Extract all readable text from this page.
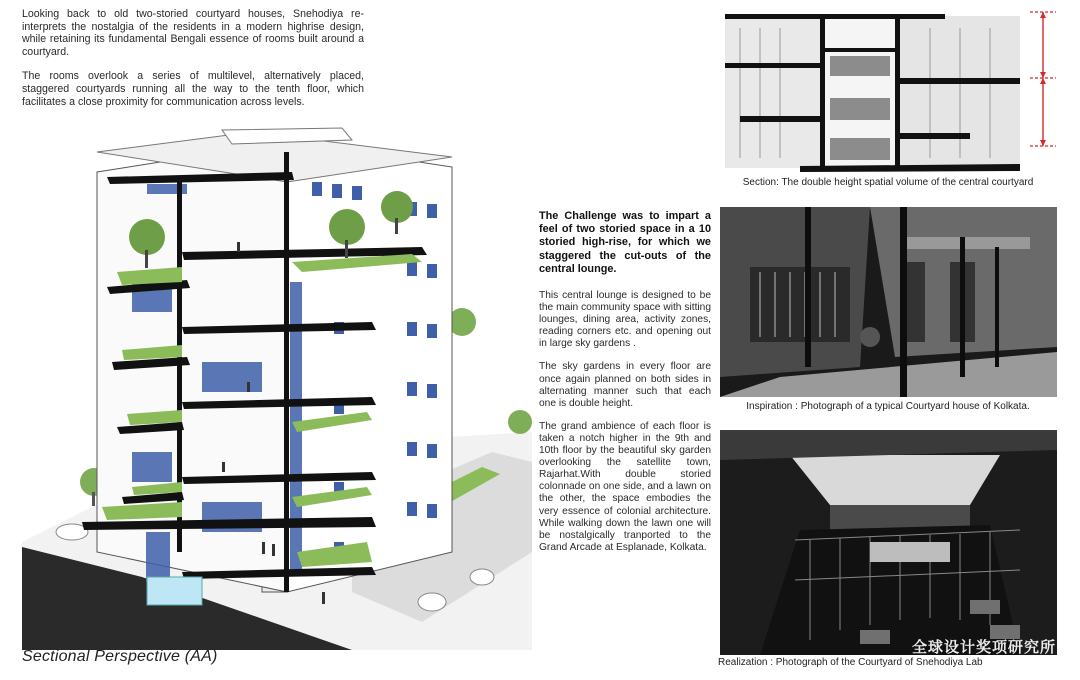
Looking back to old two-storied courtyard houses, Snehodiya re-interprets the nostalgia of the residents in a modern highrise design, while retaining its fundamental Bengali essence of rooms built around a courtyard.

The rooms overlook a series of multilevel, alternatively placed, staggered courtyards running all the way to the tenth floor, which facilitates a close proximity for communication across levels.

Sectional Perspective (AA)

The Challenge was to impart a feel of two storied space in a 10 storied high-rise, for which we staggered the cut-outs of the central lounge.

This central lounge is designed to be the main community space with sitting lounges, dining area, activity zones, reading corners etc. and opening out in large sky gardens .

The sky gardens in every floor are once again planned on both sides in alternating manner such that each one is double height.

The grand ambience of each floor is taken a notch higher in the 9th and 10th floor by the beautiful sky garden overlooking the satellite town, Rajarhat.With double storied colonnade on one side, and a lawn on the other, the space embodies the very essence of colonial architecture. While walking down the lawn one will be nostalgically tranported to the Grand Arcade at Esplanade, Kolkata.

Section: The double height spatial volume of the central courtyard
Inspiration : Photograph of a typical Courtyard house of Kolkata.
Realization : Photograph of the Courtyard of Snehodiya Lab
全球设计奖项研究所
